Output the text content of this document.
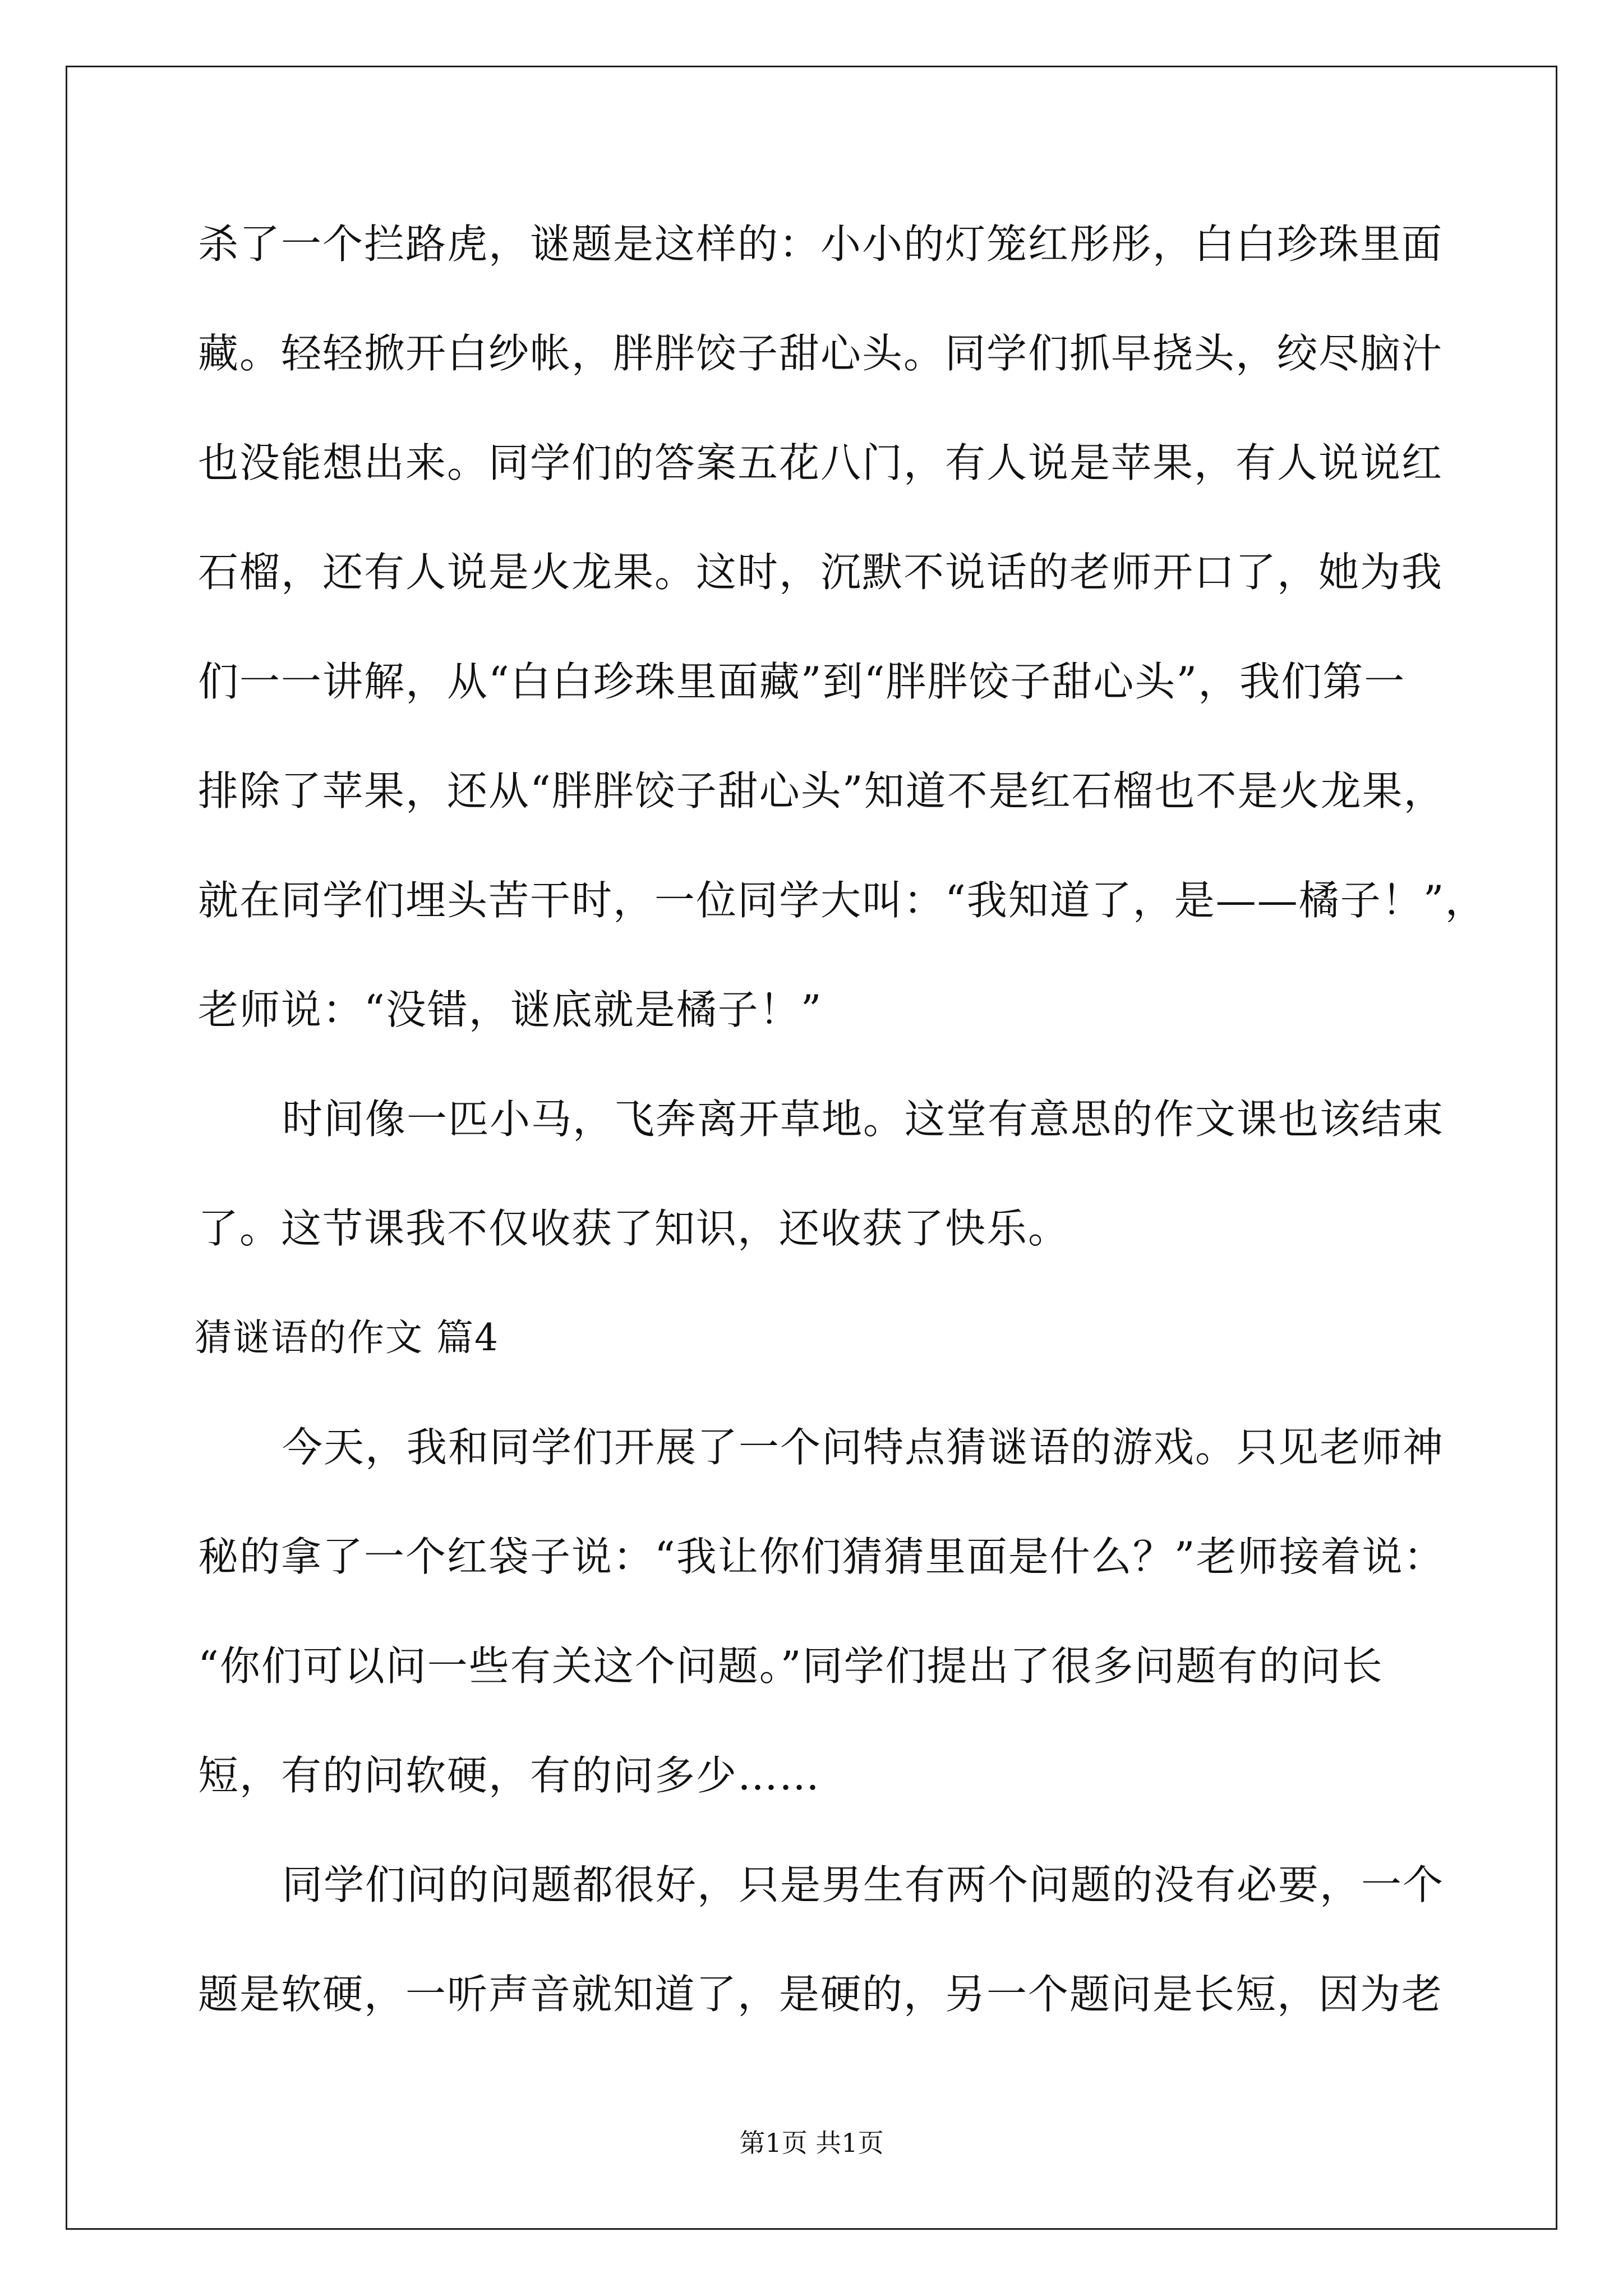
杀了一个拦路虎，谜题是这样的：小小的灯笼红彤彤，白白珍珠里面
藏。轻轻掀开白纱帐，胖胖饺子甜心头。同学们抓早挠头，绞尽脑汁
也没能想出来。同学们的答案五花八门，有人说是苹果，有人说说红
石榴，还有人说是火龙果。这时，沉默不说话的老师开口了，她为我
们一一讲解，从“白白珍珠里面藏”到“胖胖饺子甜心头”，我们第一
排除了苹果，还从“胖胖饺子甜心头”知道不是红石榴也不是火龙果，
就在同学们埋头苦干时，一位同学大叫：“我知道了，是——橘子！”，
老师说：“没错，谜底就是橘子！”
时间像一匹小马，飞奔离开草地。这堂有意思的作文课也该结束
了。这节课我不仅收获了知识，还收获了快乐。
猜谜语的作文 篇4
今天，我和同学们开展了一个问特点猜谜语的游戏。只见老师神
秘的拿了一个红袋子说：“我让你们猜猜里面是什么？”老师接着说：
“你们可以问一些有关这个问题。”同学们提出了很多问题有的问长
短，有的问软硬，有的问多少……
同学们问的问题都很好，只是男生有两个问题的没有必要，一个
题是软硬，一听声音就知道了，是硬的，另一个题问是长短，因为老
第1页 共1页
